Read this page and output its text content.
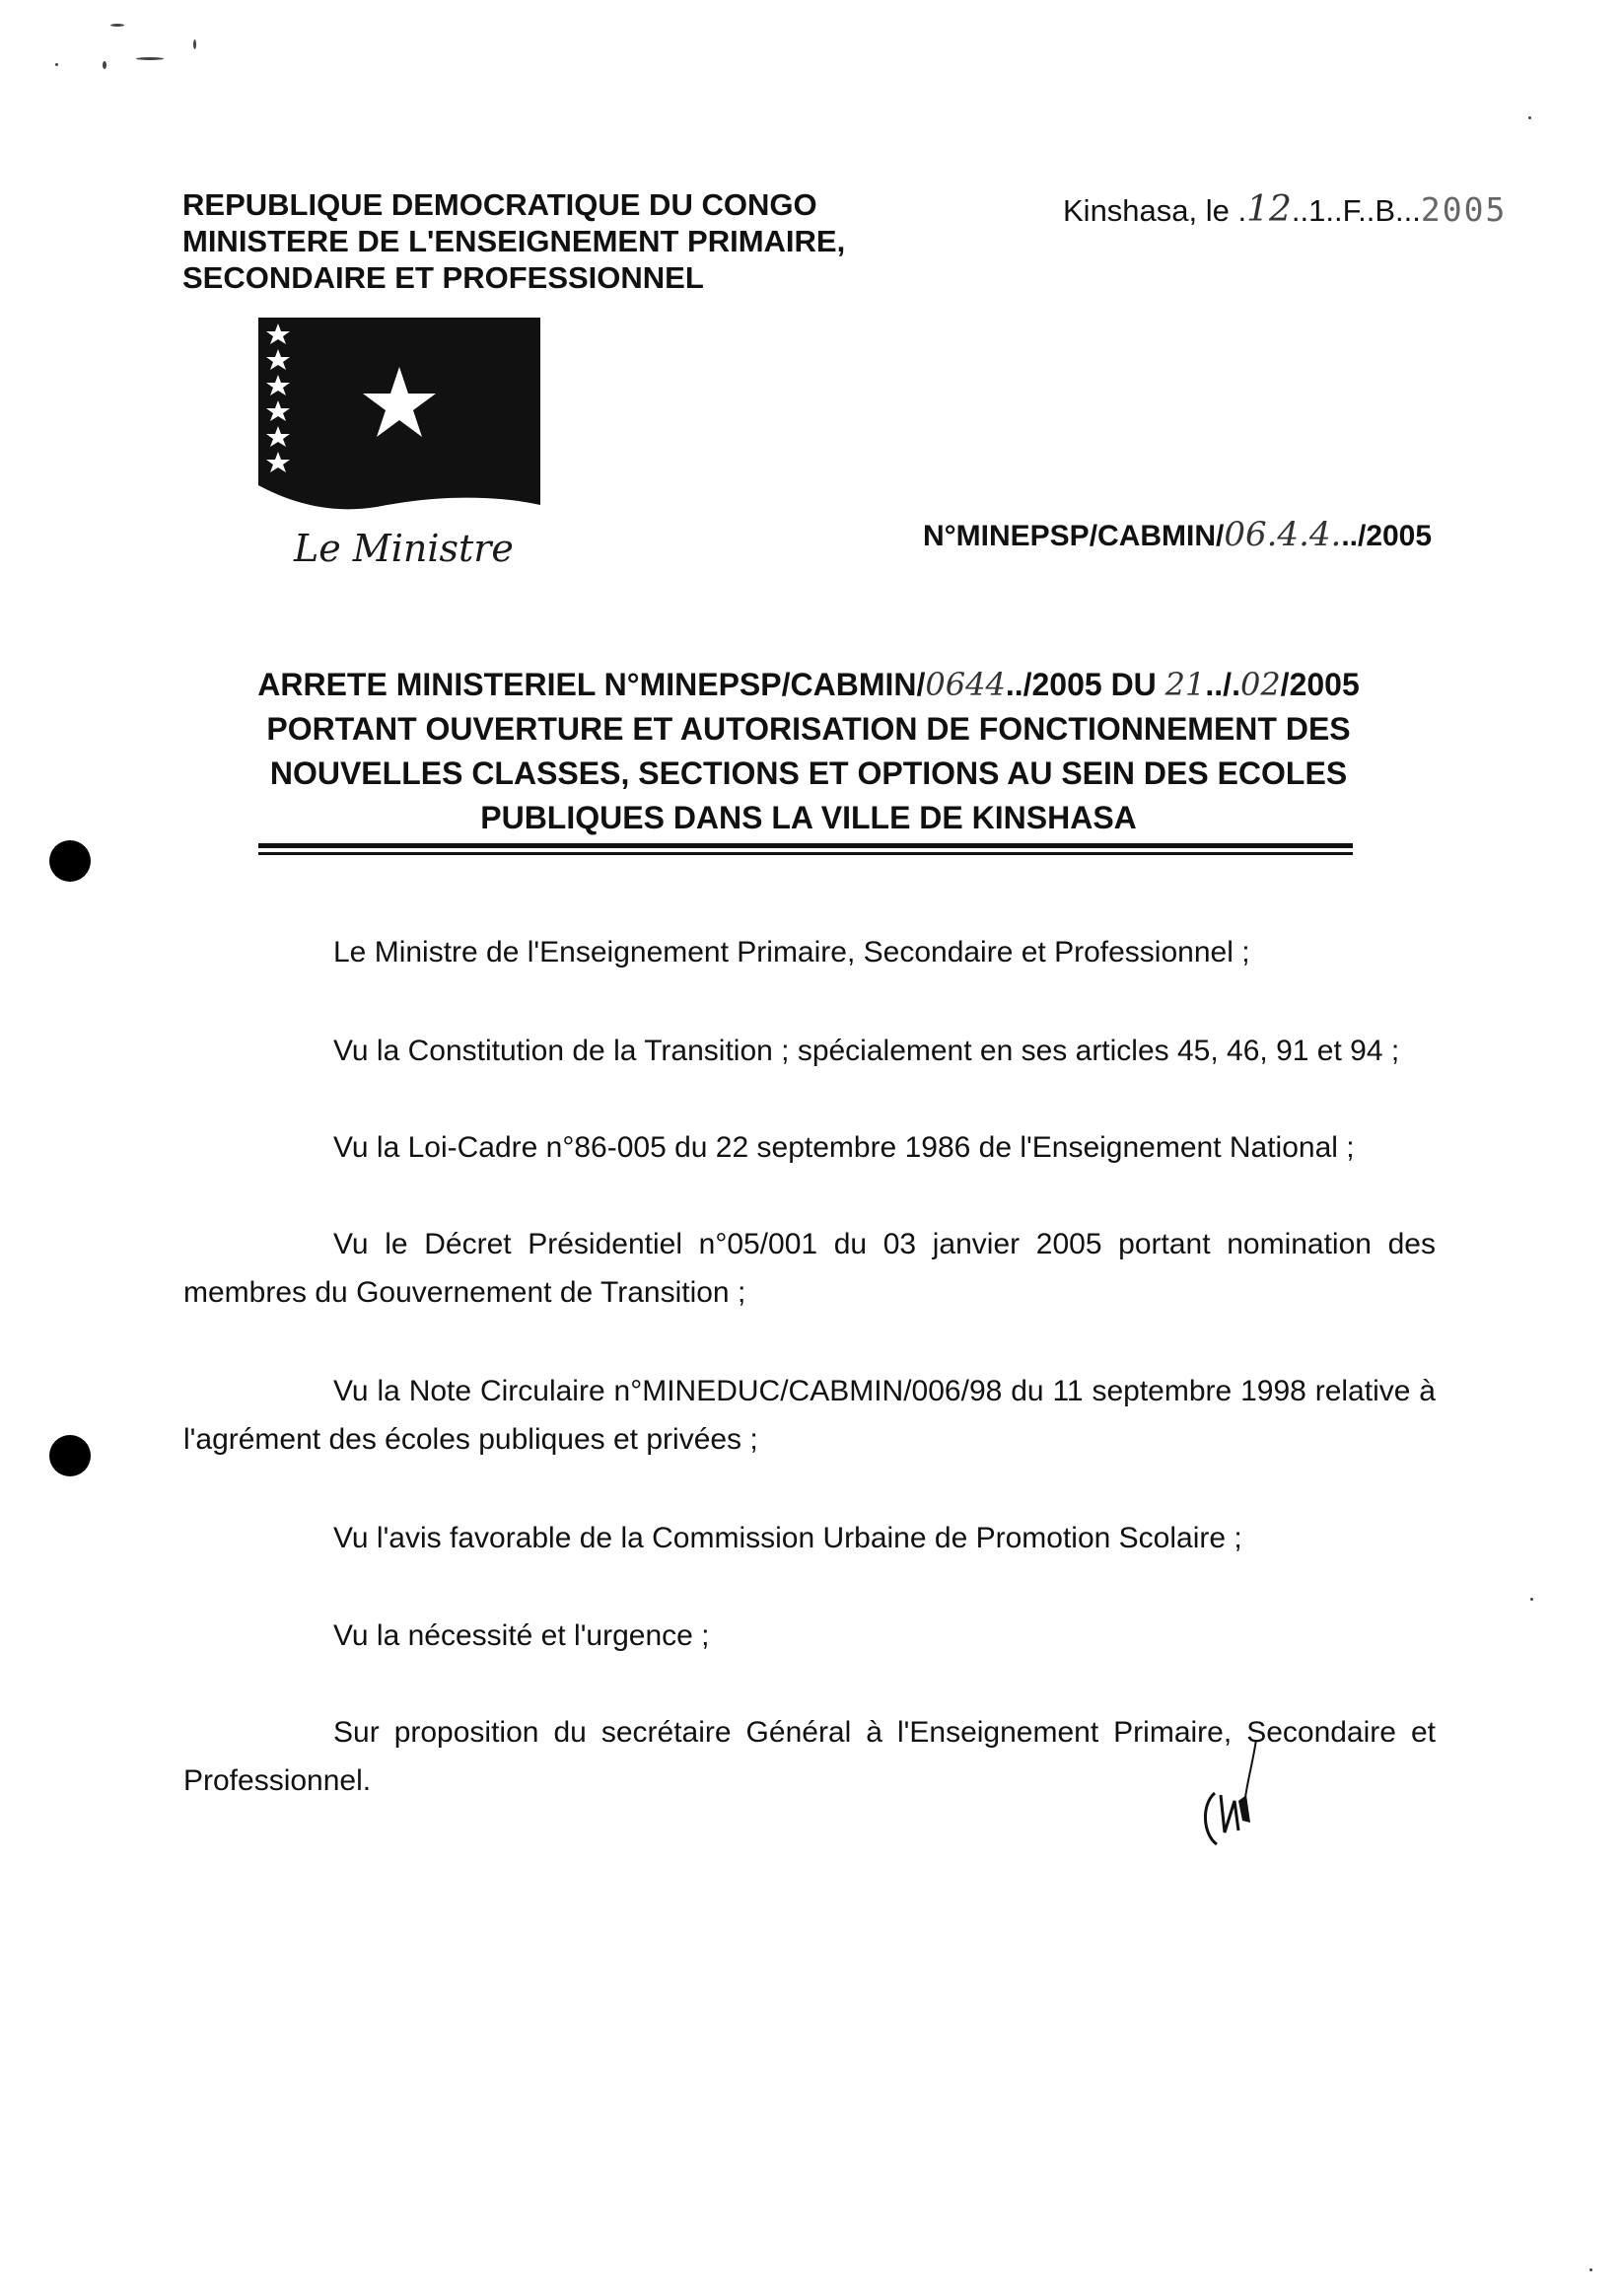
REPUBLIQUE DEMOCRATIQUE DU CONGO
MINISTERE DE L'ENSEIGNEMENT PRIMAIRE,
SECONDAIRE ET PROFESSIONNEL
Kinshasa, le .12..1..F..B...2005
Le Ministre	N°MINEPSP/CABMIN/06.4.4.../2005
ARRETE MINISTERIEL N°MINEPSP/CABMIN/0644../2005 DU 21../.02/2005
PORTANT OUVERTURE ET AUTORISATION DE FONCTIONNEMENT DES
NOUVELLES CLASSES, SECTIONS ET OPTIONS AU SEIN DES ECOLES
PUBLIQUES DANS LA VILLE DE KINSHASA
Le Ministre de l'Enseignement Primaire, Secondaire et Professionnel ;
Vu la Constitution de la Transition ; spécialement en ses articles 45, 46, 91 et 94 ;
Vu la Loi-Cadre n°86-005 du 22 septembre 1986 de l'Enseignement National ;
Vu le Décret Présidentiel n°05/001 du 03 janvier 2005 portant nomination des membres du Gouvernement de Transition ;
Vu la Note Circulaire n°MINEDUC/CABMIN/006/98 du 11 septembre 1998 relative à l'agrément des écoles publiques et privées ;
Vu l'avis favorable de la Commission Urbaine de Promotion Scolaire ;
Vu la nécessité et l'urgence ;
Sur proposition du secrétaire Général à l'Enseignement Primaire, Secondaire et Professionnel.
